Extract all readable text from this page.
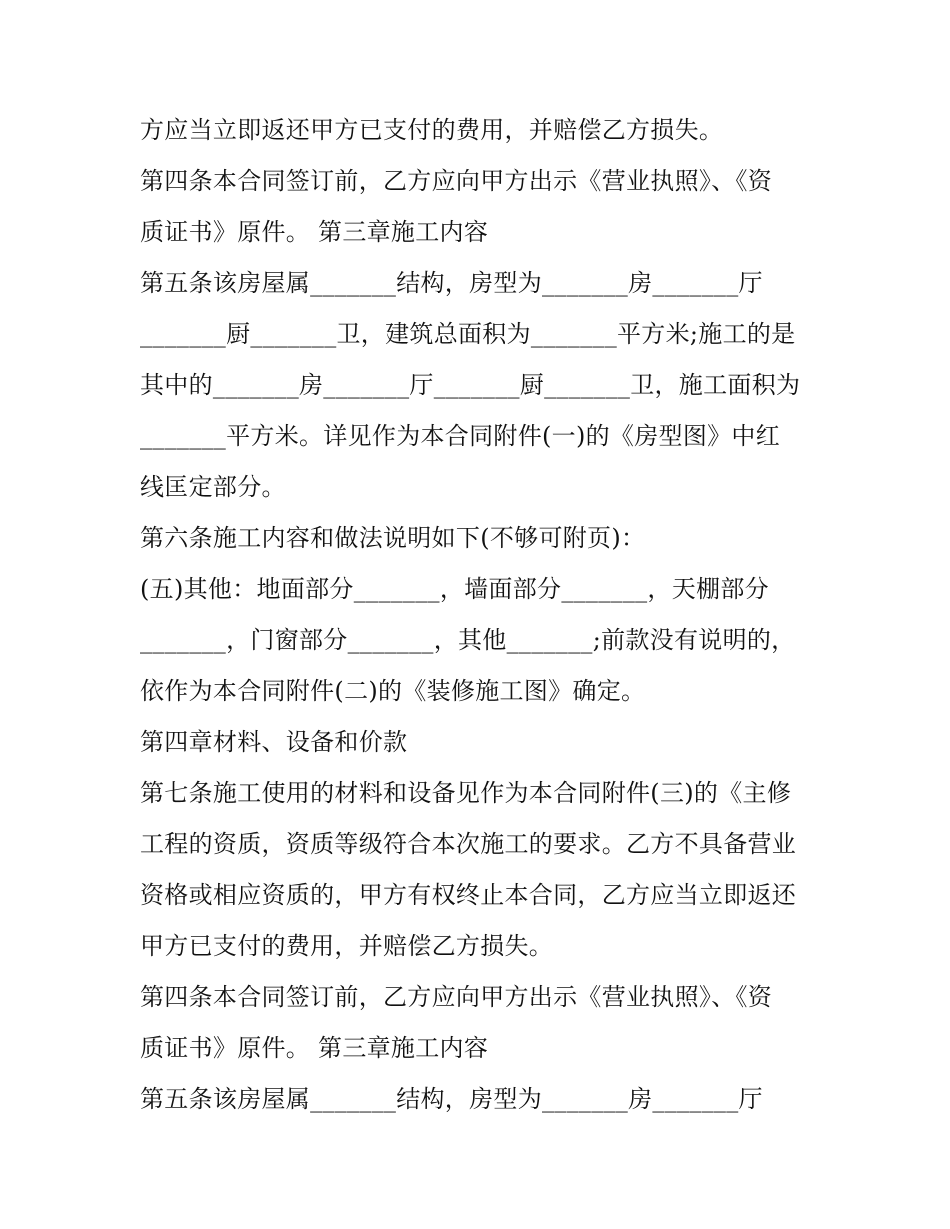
方应当立即返还甲方已支付的费用，并赔偿乙方损失。
第四条本合同签订前，乙方应向甲方出示《营业执照》、《资
质证书》原件。 第三章施工内容
第五条该房屋属_______结构，房型为_______房_______厅
_______厨_______卫，建筑总面积为_______平方米;施工的是
其中的_______房_______厅_______厨_______卫，施工面积为
_______平方米。详见作为本合同附件(一)的《房型图》中红
线匡定部分。
第六条施工内容和做法说明如下(不够可附页)：
(五)其他：地面部分_______，墙面部分_______，天棚部分
_______，门窗部分_______，其他_______;前款没有说明的，
依作为本合同附件(二)的《装修施工图》确定。
第四章材料、设备和价款
第七条施工使用的材料和设备见作为本合同附件(三)的《主修
工程的资质，资质等级符合本次施工的要求。乙方不具备营业
资格或相应资质的，甲方有权终止本合同，乙方应当立即返还
甲方已支付的费用，并赔偿乙方损失。
第四条本合同签订前，乙方应向甲方出示《营业执照》、《资
质证书》原件。 第三章施工内容
第五条该房屋属_______结构，房型为_______房_______厅
